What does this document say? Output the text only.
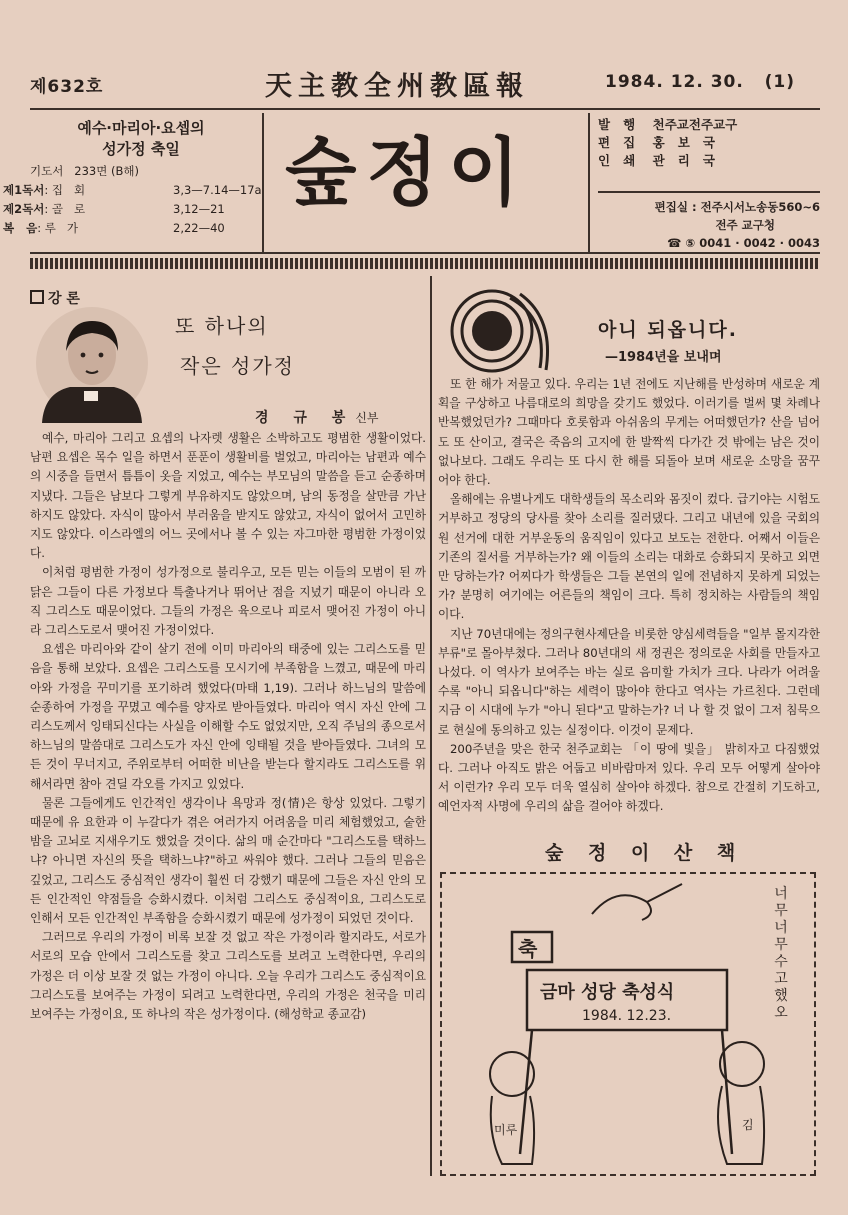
제632호	天主教全州教區報	1984. 12. 30. (1)
예수·마리아·요셉의
성가정 축일
기도서   233면 (B해)
제1독서: 집   회	3,3—7.14—17a
제2독서: 골   로	3,12—21
복   음: 루   가	2,22—40
숲정이
발   행 천주교전주교구
편   집 홍   보   국
인   쇄 관   리   국
편집실 : 전주시서노송동560∼6
전주 교구청
☎ ⑤ 0041 · 0042 · 0043
강 론
또 하나의
작은 성가정
경 규 봉신부

예수, 마리아 그리고 요셉의 나자렛 생활은 소박하고도 평범한 생활이었다. 남편 요셉은 목수 일을 하면서 푼푼이 생활비를 벌었고, 마리아는 남편과 예수의 시중을 들면서 틈틈이 옷을 지었고, 예수는 부모님의 말씀을 듣고 순종하며 지냈다. 그들은 남보다 그렇게 부유하지도 않았으며, 남의 동정을 살만큼 가난하지도 않았다. 자식이 많아서 부러움을 받지도 않았고, 자식이 없어서 고민하지도 않았다. 이스라엘의 어느 곳에서나 볼 수 있는 자그마한 평범한 가정이었다.

이처럼 평범한 가정이 성가정으로 불리우고, 모든 믿는 이들의 모범이 된 까닭은 그들이 다른 가정보다 특출나거나 뛰어난 점을 지녔기 때문이 아니라 오직 그리스도 때문이었다. 그들의 가정은 육으로나 피로서 맺어진 가정이 아니라 그리스도로서 맺어진 가정이었다.

요셉은 마리아와 같이 살기 전에 이미 마리아의 태중에 있는 그리스도를 믿음을 통해 보았다. 요셉은 그리스도를 모시기에 부족함을 느꼈고, 때문에 마리아와 가정을 꾸미기를 포기하려 했었다(마태 1,19). 그러나 하느님의 말씀에 순종하여 가정을 꾸몄고 예수를 양자로 받아들였다. 마리아 역시 자신 안에 그리스도께서 잉태되신다는 사실을 이해할 수도 없었지만, 오직 주님의 종으로서 하느님의 말씀대로 그리스도가 자신 안에 잉태될 것을 받아들였다. 그녀의 모든 것이 무너지고, 주위로부터 어떠한 비난을 받는다 할지라도 그리스도를 위해서라면 참아 견딜 각오를 가지고 있었다.

물론 그들에게도 인간적인 생각이나 욕망과 정(情)은 항상 있었다. 그렇기 때문에 유 요한과 이 누갈다가 겪은 여러가지 어려움을 미리 체험했었고, 숱한 밤을 고뇌로 지새우기도 했었을 것이다. 삶의 매 순간마다 "그리스도를 택하느냐? 아니면 자신의 뜻을 택하느냐?"하고 싸워야 했다. 그러나 그들의 믿음은 깊었고, 그리스도 중심적인 생각이 훨씬 더 강했기 때문에 그들은 자신 안의 모든 인간적인 약점들을 승화시켰다. 이처럼 그리스도 중심적이요, 그리스도로 인해서 모든 인간적인 부족함을 승화시켰기 때문에 성가정이 되었던 것이다.

그러므로 우리의 가정이 비록 보잘 것 없고 작은 가정이라 할지라도, 서로가 서로의 모습 안에서 그리스도를 찾고 그리스도를 보려고 노력한다면, 우리의 가정은 더 이상 보잘 것 없는 가정이 아니다. 오늘 우리가 그리스도 중심적이요 그리스도를 보여주는 가정이 되려고 노력한다면, 우리의 가정은 천국을 미리 보여주는 가정이요, 또 하나의 작은 성가정이다. (해성학교 종교감)

아니 되옵니다.
—1984년을 보내며

또 한 해가 저물고 있다. 우리는 1년 전에도 지난해를 반성하며 새로운 계획을 구상하고 나름대로의 희망을 갖기도 했었다. 이러기를 벌써 몇 차례나 반복했었던가? 그때마다 호롯함과 아쉬움의 무게는 어떠했던가? 산을 넘어도 또 산이고, 결국은 죽음의 고지에 한 발짝씩 다가간 것 밖에는 남은 것이 없나보다. 그래도 우리는 또 다시 한 해를 되돌아 보며 새로운 소망을 꿈꾸어야 한다.

올해에는 유별나게도 대학생들의 목소리와 몸짓이 컸다. 급기야는 시험도 거부하고 정당의 당사를 찾아 소리를 질러댔다. 그리고 내년에 있을 국회의원 선거에 대한 거부운동의 움직임이 있다고 보도는 전한다. 어째서 이들은 기존의 질서를 거부하는가? 왜 이들의 소리는 대화로 승화되지 못하고 외면만 당하는가? 어찌다가 학생들은 그들 본연의 일에 전념하지 못하게 되었는가? 분명히 여기에는 어른들의 책임이 크다. 특히 정치하는 사람들의 책임이다.

지난 70년대에는 정의구현사제단을 비롯한 양심세력들을 "일부 몰지각한 부류"로 몰아부쳤다. 그러나 80년대의 새 정권은 정의로운 사회를 만들자고 나섰다. 이 역사가 보여주는 바는 실로 음미할 가치가 크다. 나라가 어려울수록 "아니 되옵니다"하는 세력이 많아야 한다고 역사는 가르친다. 그런데 지금 이 시대에 누가 "아니 된다"고 말하는가? 너 나 할 것 없이 그저 침묵으로 현실에 동의하고 있는 실정이다. 이것이 문제다.

200주년을 맞은 한국 천주교회는 「이 땅에 빛을」 밝히자고 다짐했었다. 그러나 아직도 밝은 어둡고 비바람마저 있다. 우리 모두 어떻게 살아야서 이런가? 우리 모두 더욱 열심히 살아야 하겠다. 참으로 간절히 기도하고, 예언자적 사명에 우리의 삶을 걸어야 하겠다.

숲 정 이 산 책
축
금마 성당 축성식
1984. 12.23.
미루	김
너무 너무 수고했오
